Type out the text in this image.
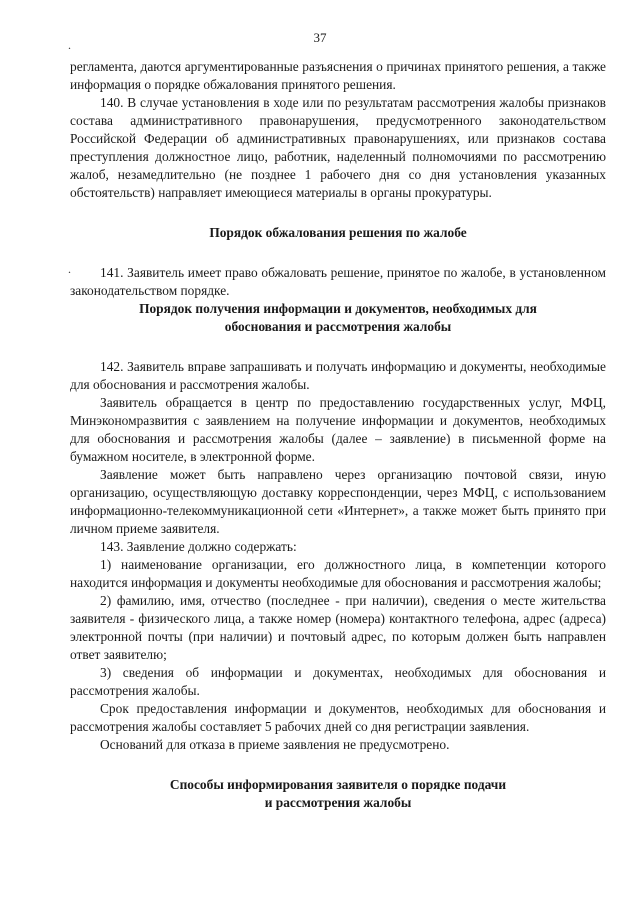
37
.
.

регламента, даются аргументированные разъяснения о причинах принятого решения, а также информация о порядке обжалования принятого решения.

140. В случае установления в ходе или по результатам рассмотрения жалобы признаков состава административного правонарушения, предусмотренного законодательством Российской Федерации об административных правонарушениях, или признаков состава преступления должностное лицо, работник, наделенный полномочиями по рассмотрению жалоб, незамедлительно (не позднее 1 рабочего дня со дня установления указанных обстоятельств) направляет имеющиеся материалы в органы прокуратуры.

Порядок обжалования решения по жалобе

141. Заявитель имеет право обжаловать решение, принятое по жалобе, в установленном законодательством порядке.

Порядок получения информации и документов, необходимых для
обоснования и рассмотрения жалобы

142. Заявитель вправе запрашивать и получать информацию и документы, необходимые для обоснования и рассмотрения жалобы.

Заявитель обращается в центр по предоставлению государственных услуг, МФЦ, Минэкономразвития с заявлением на получение информации и документов, необходимых для обоснования и рассмотрения жалобы (далее – заявление) в письменной форме на бумажном носителе, в электронной форме.

Заявление может быть направлено через организацию почтовой связи, иную организацию, осуществляющую доставку корреспонденции, через МФЦ, с использованием информационно-телекоммуникационной сети «Интернет», а также может быть принято при личном приеме заявителя.

143. Заявление должно содержать:

1) наименование организации, его должностного лица, в компетенции которого находится информация и документы необходимые для обоснования и рассмотрения жалобы;

2) фамилию, имя, отчество (последнее - при наличии), сведения о месте жительства заявителя - физического лица, а также номер (номера) контактного телефона, адрес (адреса) электронной почты (при наличии) и почтовый адрес, по которым должен быть направлен ответ заявителю;

3) сведения об информации и документах, необходимых для обоснования и рассмотрения жалобы.

Срок предоставления информации и документов, необходимых для обоснования и рассмотрения жалобы составляет 5 рабочих дней со дня регистрации заявления.

Оснований для отказа в приеме заявления не предусмотрено.

Способы информирования заявителя о порядке подачи
и рассмотрения жалобы
